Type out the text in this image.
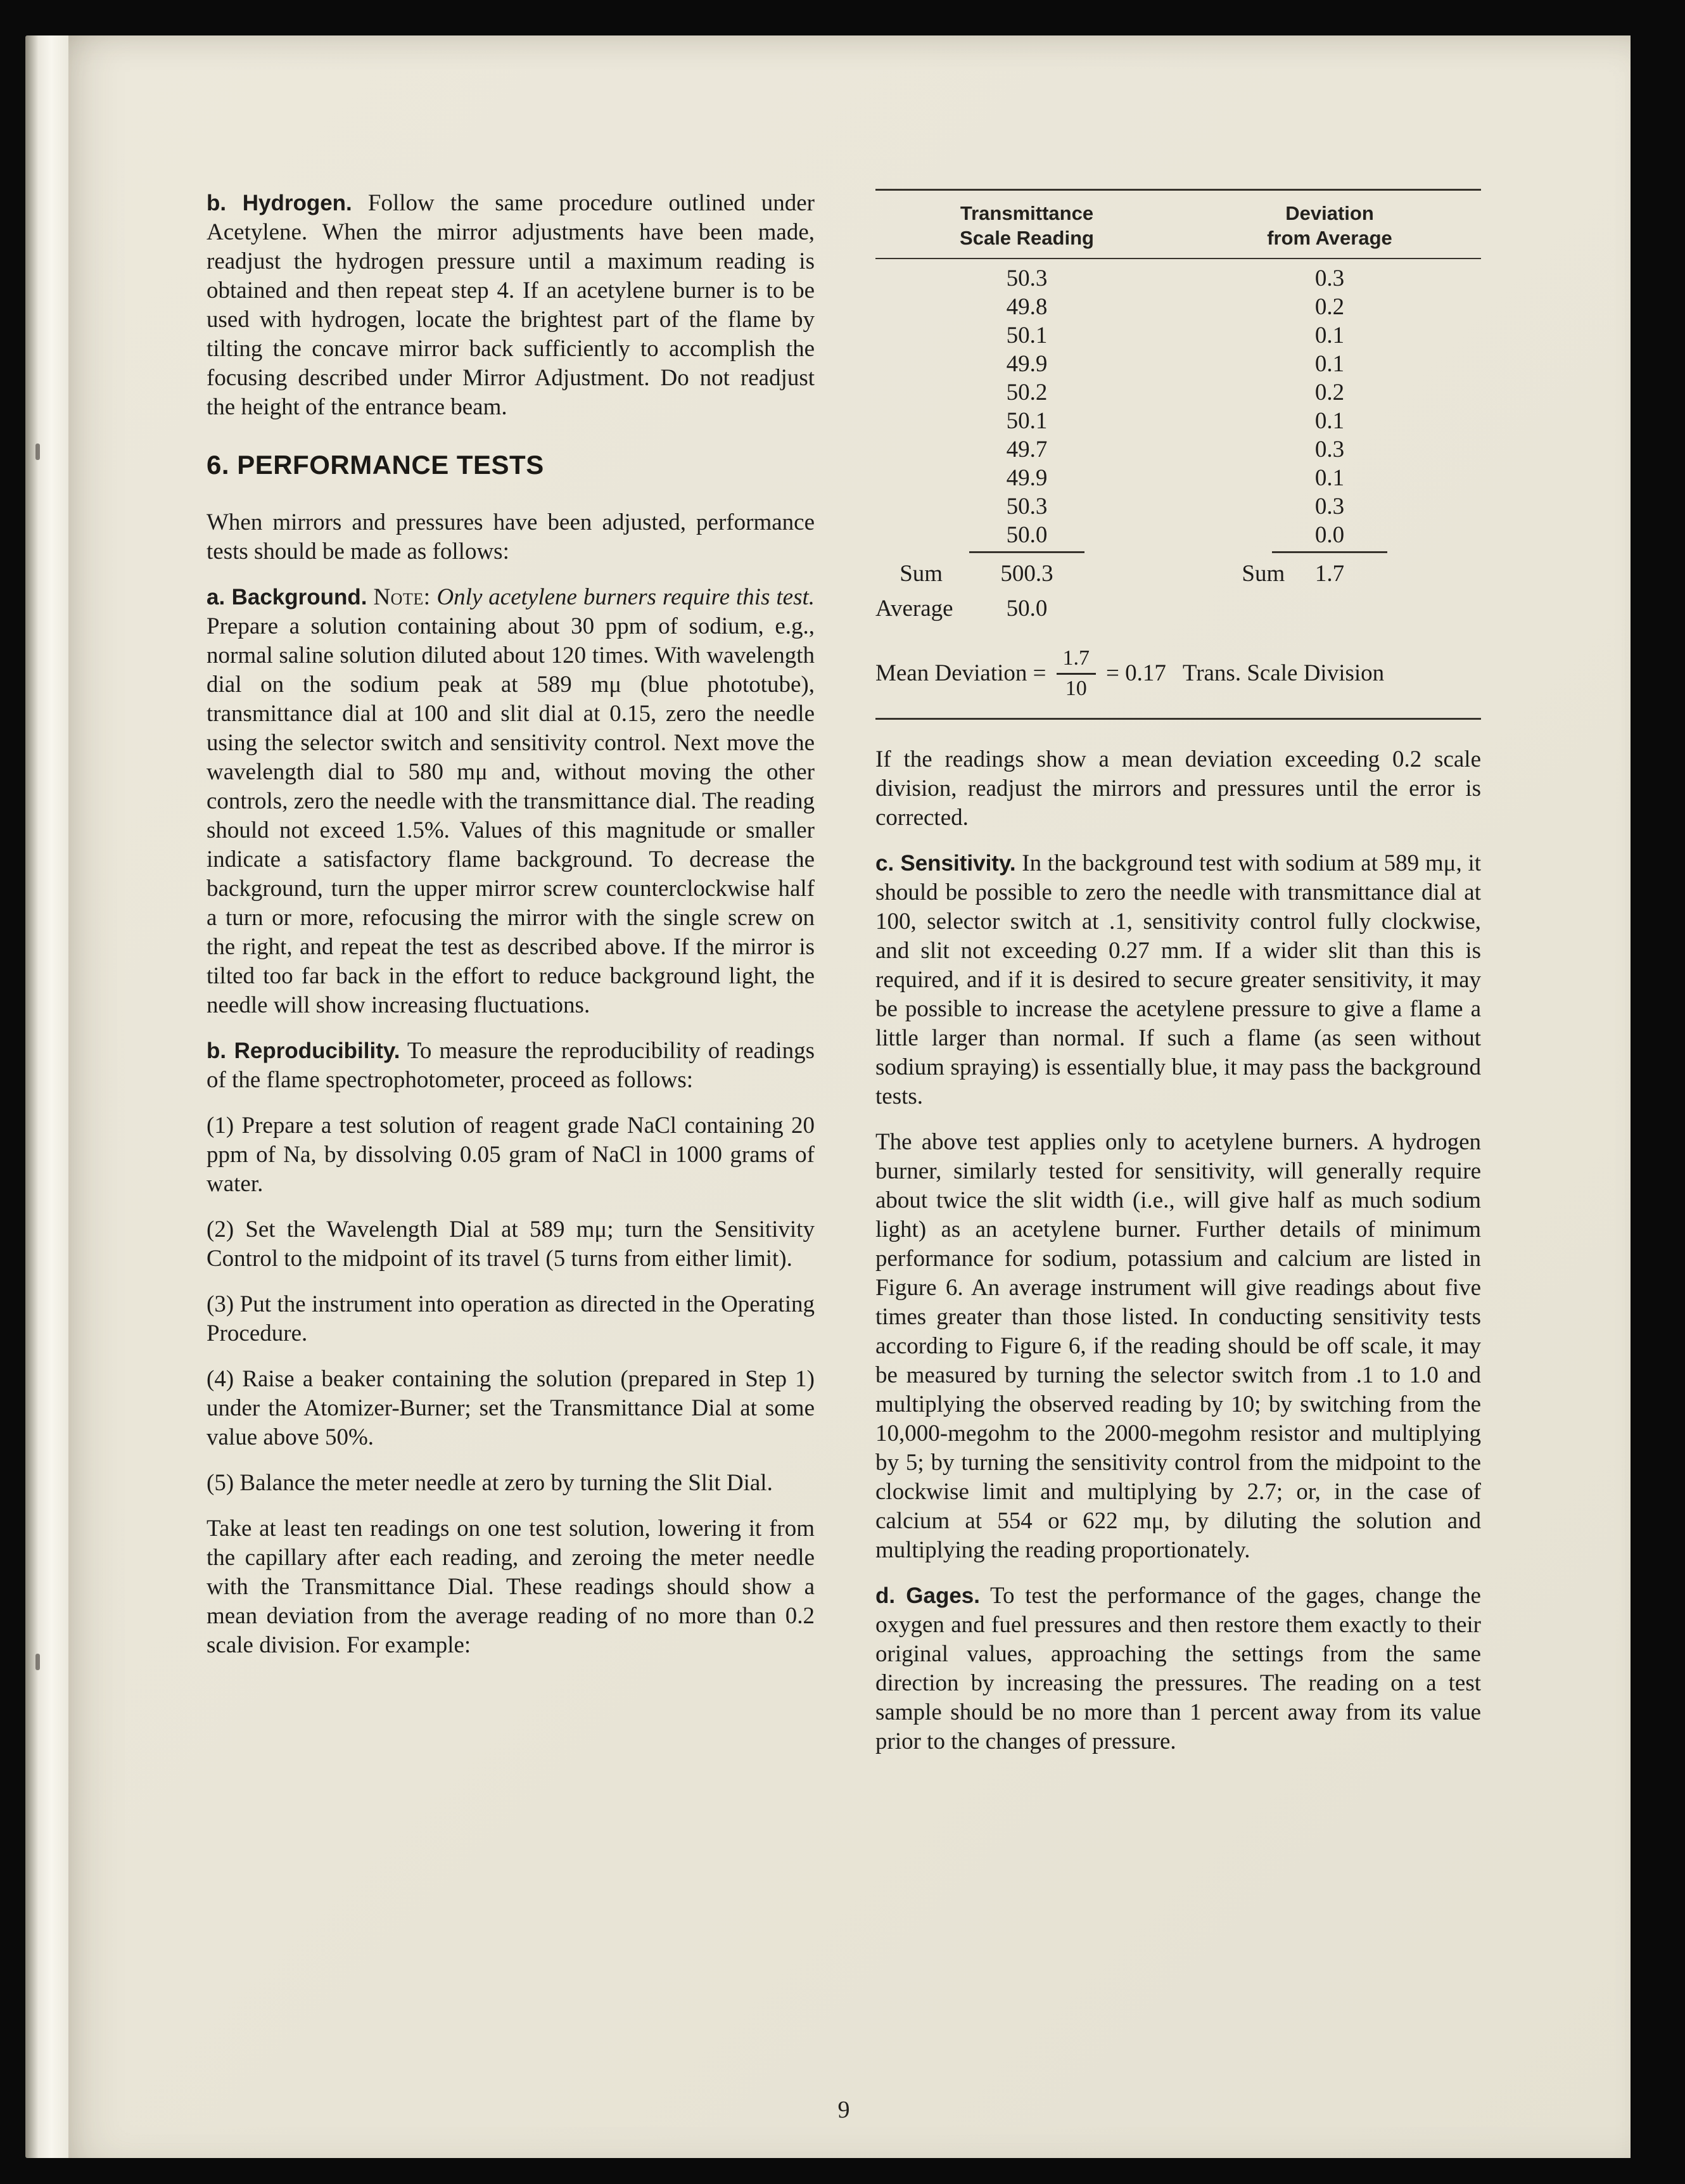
b. Hydrogen. Follow the same procedure outlined under Acetylene. When the mirror adjustments have been made, readjust the hydrogen pressure until a maximum reading is obtained and then repeat step 4. If an acetylene burner is to be used with hydrogen, locate the brightest part of the flame by tilting the concave mirror back sufficiently to accomplish the focusing described under Mirror Adjustment. Do not readjust the height of the entrance beam.

6. PERFORMANCE TESTS

When mirrors and pressures have been adjusted, performance tests should be made as follows:

a. Background. Note: Only acetylene burners require this test. Prepare a solution containing about 30 ppm of sodium, e.g., normal saline solution diluted about 120 times. With wavelength dial on the sodium peak at 589 mμ (blue phototube), transmittance dial at 100 and slit dial at 0.15, zero the needle using the selector switch and sensitivity control. Next move the wavelength dial to 580 mμ and, without moving the other controls, zero the needle with the transmittance dial. The reading should not exceed 1.5%. Values of this magnitude or smaller indicate a satisfactory flame background. To decrease the background, turn the upper mirror screw counterclockwise half a turn or more, refocusing the mirror with the single screw on the right, and repeat the test as described above. If the mirror is tilted too far back in the effort to reduce background light, the needle will show increasing fluctuations.

b. Reproducibility. To measure the reproducibility of readings of the flame spectrophotometer, proceed as follows:

(1) Prepare a test solution of reagent grade NaCl containing 20 ppm of Na, by dissolving 0.05 gram of NaCl in 1000 grams of water.

(2) Set the Wavelength Dial at 589 mμ; turn the Sensitivity Control to the midpoint of its travel (5 turns from either limit).

(3) Put the instrument into operation as directed in the Operating Procedure.

(4) Raise a beaker containing the solution (prepared in Step 1) under the Atomizer-Burner; set the Transmittance Dial at some value above 50%.

(5) Balance the meter needle at zero by turning the Slit Dial.

Take at least ten readings on one test solution, lowering it from the capillary after each reading, and zeroing the meter needle with the Transmittance Dial. These readings should show a mean deviation from the average reading of no more than 0.2 scale division. For example:

Transmittance
Scale Reading
Deviation
from Average
50.3	0.3
49.8	0.2
50.1	0.1
49.9	0.1
50.2	0.2
50.1	0.1
49.7	0.3
49.9	0.1
50.3	0.3
50.0	0.0
Sum	500.3	Sum	1.7
Average	50.0
Mean Deviation = $\frac{1.7}{10} = 0.17$ Trans. Scale Division

If the readings show a mean deviation exceeding 0.2 scale division, readjust the mirrors and pressures until the error is corrected.

c. Sensitivity. In the background test with sodium at 589 mμ, it should be possible to zero the needle with transmittance dial at 100, selector switch at .1, sensitivity control fully clockwise, and slit not exceeding 0.27 mm. If a wider slit than this is required, and if it is desired to secure greater sensitivity, it may be possible to increase the acetylene pressure to give a flame a little larger than normal. If such a flame (as seen without sodium spraying) is essentially blue, it may pass the background tests.

The above test applies only to acetylene burners. A hydrogen burner, similarly tested for sensitivity, will generally require about twice the slit width (i.e., will give half as much sodium light) as an acetylene burner. Further details of minimum performance for sodium, potassium and calcium are listed in Figure 6. An average instrument will give readings about five times greater than those listed. In conducting sensitivity tests according to Figure 6, if the reading should be off scale, it may be measured by turning the selector switch from .1 to 1.0 and multiplying the observed reading by 10; by switching from the 10,000-megohm to the 2000-megohm resistor and multiplying by 5; by turning the sensitivity control from the midpoint to the clockwise limit and multiplying by 2.7; or, in the case of calcium at 554 or 622 mμ, by diluting the solution and multiplying the reading proportionately.

d. Gages. To test the performance of the gages, change the oxygen and fuel pressures and then restore them exactly to their original values, approaching the settings from the same direction by increasing the pressures. The reading on a test sample should be no more than 1 percent away from its value prior to the changes of pressure.

9
